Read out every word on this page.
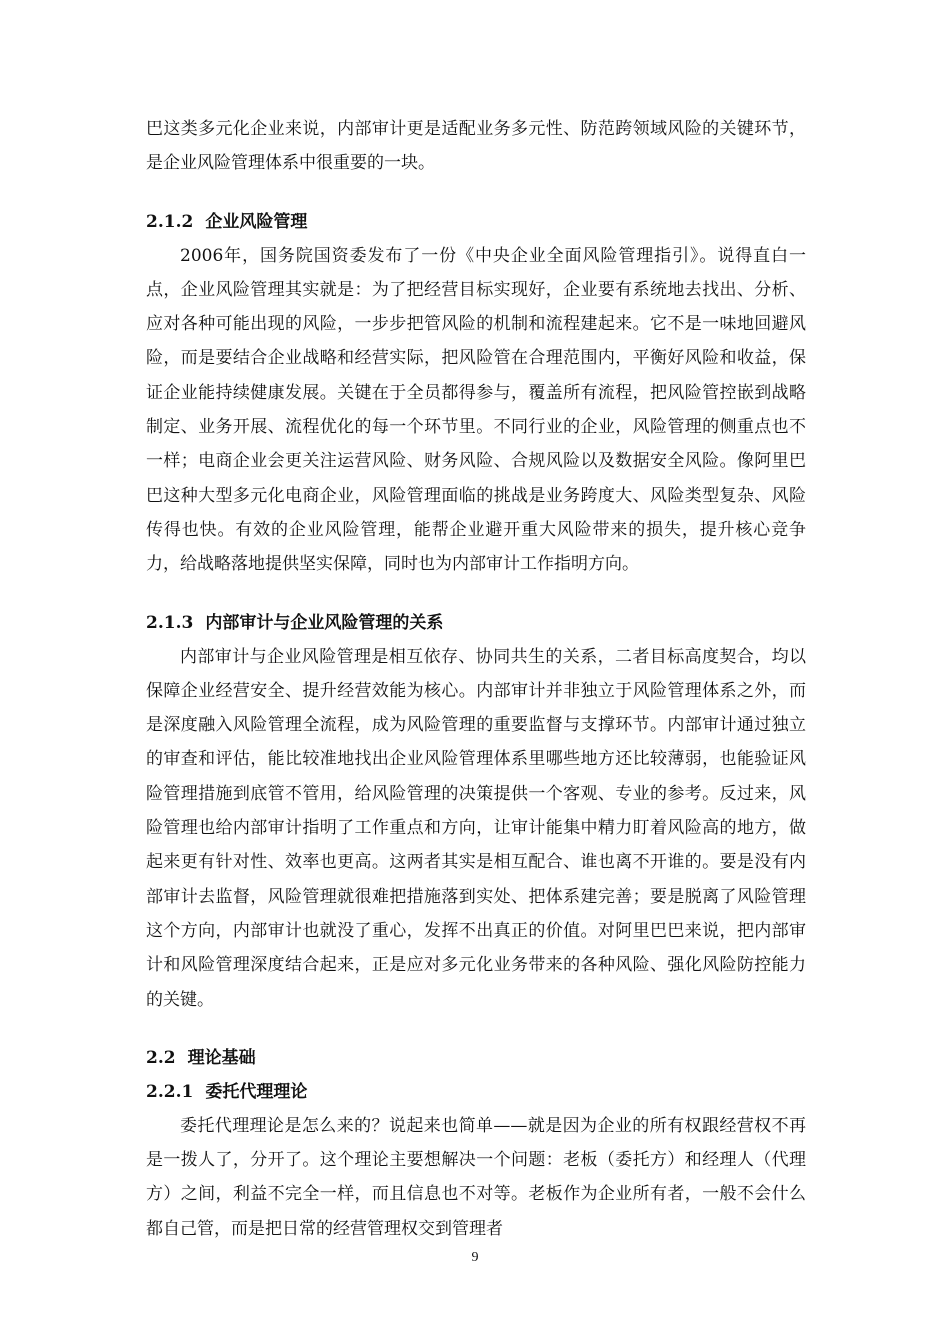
巴这类多元化企业来说，内部审计更是适配业务多元性、防范跨领域风险的关键环节，是企业风险管理体系中很重要的一块。

2.1.2 企业风险管理

2006年，国务院国资委发布了一份《中央企业全面风险管理指引》。说得直白一点，企业风险管理其实就是：为了把经营目标实现好，企业要有系统地去找出、分析、应对各种可能出现的风险，一步步把管风险的机制和流程建起来。它不是一味地回避风险，而是要结合企业战略和经营实际，把风险管在合理范围内，平衡好风险和收益，保证企业能持续健康发展。关键在于全员都得参与，覆盖所有流程，把风险管控嵌到战略制定、业务开展、流程优化的每一个环节里。不同行业的企业，风险管理的侧重点也不一样；电商企业会更关注运营风险、财务风险、合规风险以及数据安全风险。像阿里巴巴这种大型多元化电商企业，风险管理面临的挑战是业务跨度大、风险类型复杂、风险传得也快。有效的企业风险管理，能帮企业避开重大风险带来的损失，提升核心竞争力，给战略落地提供坚实保障，同时也为内部审计工作指明方向。

2.1.3 内部审计与企业风险管理的关系

内部审计与企业风险管理是相互依存、协同共生的关系，二者目标高度契合，均以保障企业经营安全、提升经营效能为核心。内部审计并非独立于风险管理体系之外，而是深度融入风险管理全流程，成为风险管理的重要监督与支撑环节。内部审计通过独立的审查和评估，能比较准地找出企业风险管理体系里哪些地方还比较薄弱，也能验证风险管理措施到底管不管用，给风险管理的决策提供一个客观、专业的参考。反过来，风险管理也给内部审计指明了工作重点和方向，让审计能集中精力盯着风险高的地方，做起来更有针对性、效率也更高。这两者其实是相互配合、谁也离不开谁的。要是没有内部审计去监督，风险管理就很难把措施落到实处、把体系建完善；要是脱离了风险管理这个方向，内部审计也就没了重心，发挥不出真正的价值。对阿里巴巴来说，把内部审计和风险管理深度结合起来，正是应对多元化业务带来的各种风险、强化风险防控能力的关键。

2.2 理论基础
2.2.1 委托代理理论

委托代理理论是怎么来的？说起来也简单——就是因为企业的所有权跟经营权不再是一拨人了，分开了。这个理论主要想解决一个问题：老板（委托方）和经理人（代理方）之间，利益不完全一样，而且信息也不对等。老板作为企业所有者，一般不会什么都自己管，而是把日常的经营管理权交到管理者

9
